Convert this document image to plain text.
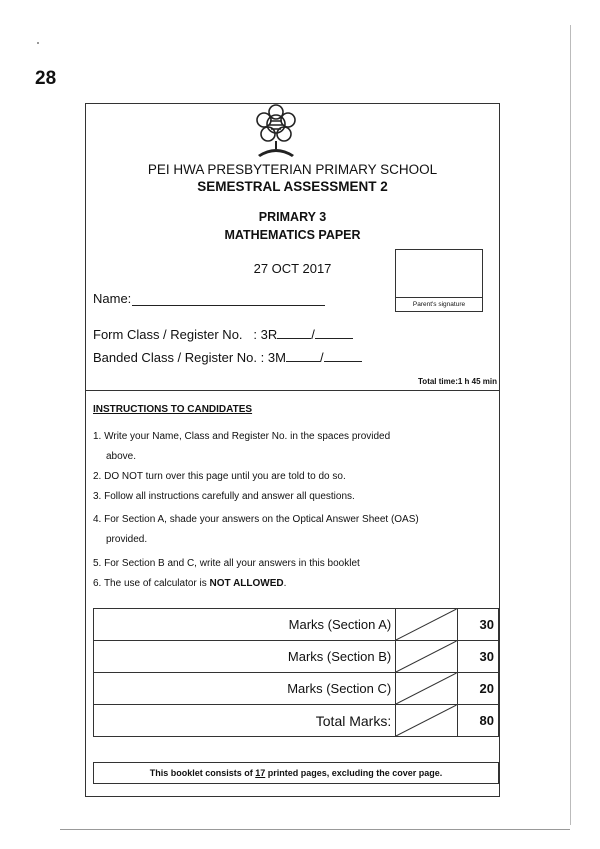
28
PEI HWA PRESBYTERIAN PRIMARY SCHOOL
SEMESTRAL ASSESSMENT 2
PRIMARY 3
MATHEMATICS PAPER
27 OCT 2017
Parent's signature
Name:
Form Class / Register No. : 3R	/
Banded Class / Register No. : 3M	/
Total time:1 h 45 min
INSTRUCTIONS TO CANDIDATES
1. Write your Name, Class and Register No. in the spaces provided
above.
2. DO NOT turn over this page until you are told to do so.
3. Follow all instructions carefully and answer all questions.
4. For Section A, shade your answers on the Optical Answer Sheet (OAS)
provided.
5. For Section B and C, write all your answers in this booklet
6. The use of calculator is NOT ALLOWED.
Marks (Section A)		30
Marks (Section B)		30
Marks (Section C)		20
Total Marks:		80
This booklet consists of 17 printed pages, excluding the cover page.
